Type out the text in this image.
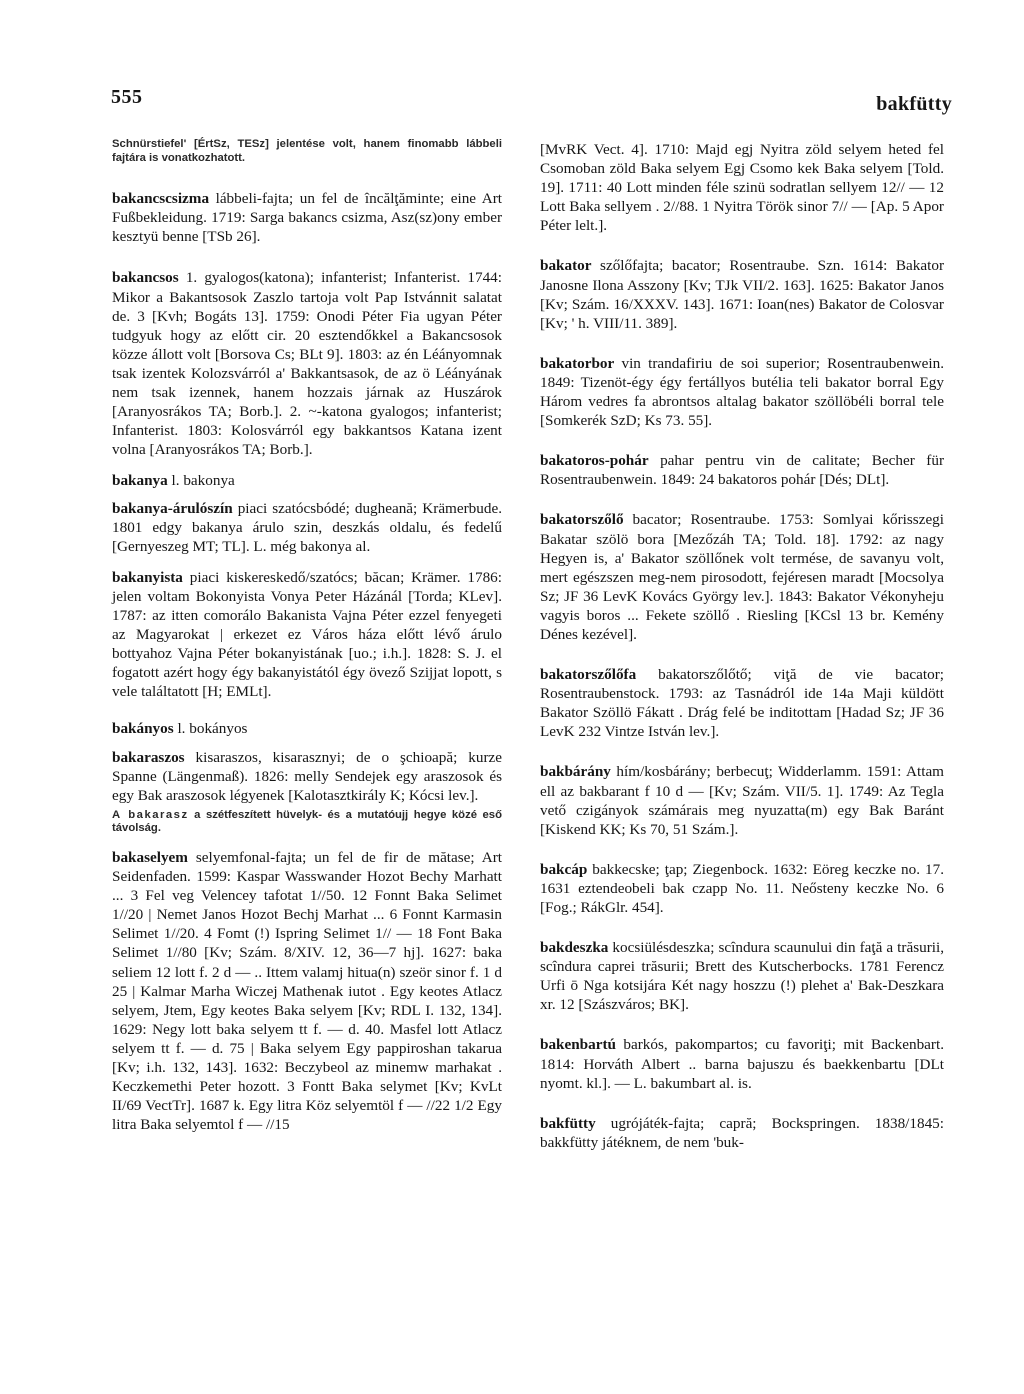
555	bakfütty

Schnürstiefel' [ÉrtSz, TESz] jelentése volt, hanem finomabb lábbeli fajtára is vonatkozhatott.

bakancscsizma lábbeli-fajta; un fel de încălţăminte; eine Art Fußbekleidung. 1719: Sarga bakancs csizma, Asz(sz)ony ember kesztyü benne [TSb 26].

bakancsos 1. gyalogos(katona); infanterist; Infanterist. 1744: Mikor a Bakantsosok Zaszlo tartoja volt Pap Istvánnit salatat de. 3 [Kvh; Bogáts 13]. 1759: Onodi Péter Fia ugyan Péter tudgyuk hogy az előtt cir. 20 esztendőkkel a Bakancsosok közze állott volt [Borsova Cs; BLt 9]. 1803: az én Léányomnak tsak izentek Kolozsvárról a' Bakkantsasok, de az ö Léányának nem tsak izennek, hanem hozzais járnak az Huszárok [Aranyosrákos TA; Borb.]. 2. ~-katona gyalogos; infanterist; Infanterist. 1803: Kolosvárról egy bakkantsos Katana izent volna [Aranyosrákos TA; Borb.].

bakanya l. bakonya

bakanya-árulószín piaci szatócsbódé; dugheană; Krämerbude. 1801 edgy bakanya árulo szin, deszkás oldalu, és fedelű [Gernyeszeg MT; TL]. L. még bakonya al.

bakanyista piaci kiskereskedő/szatócs; băcan; Krämer. 1786: jelen voltam Bokonyista Vonya Peter Házánál [Torda; KLev]. 1787: az itten comorálo Bakanista Vajna Péter ezzel fenyegeti az Magyarokat | erkezet ez Város háza előtt lévő árulo bottyahoz Vajna Péter bokanyistának [uo.; i.h.]. 1828: S. J. el fogatott azért hogy égy bakanyistától égy övező Szijjat lopott, s vele találtatott [H; EMLt].

bakányos l. bokányos

bakaraszos kisaraszos, kisarasznyi; de o şchioapă; kurze Spanne (Längenmaß). 1826: melly Sendejek egy araszosok és egy Bak araszosok légyenek [Kalotasztkirály K; Kócsi lev.].

A bakarasz a szétfeszített hüvelyk- és a mutatóujj hegye közé eső távolság.

bakaselyem selyemfonal-fajta; un fel de fir de mătase; Art Seidenfaden. 1599: Kaspar Wasswander Hozot Bechy Marhatt ... 3 Fel veg Velencey tafotat 1//50. 12 Fonnt Baka Selimet 1//20 | Nemet Janos Hozot Bechj Marhat ... 6 Fonnt Karmasin Selimet 1//20. 4 Fomt (!) Ispring Selimet 1// — 18 Font Baka Selimet 1//80 [Kv; Szám. 8/XIV. 12, 36—7 hj]. 1627: baka seliem 12 lott f. 2 d — .. Ittem valamj hitua(n) szeör sinor f. 1 d 25 | Kalmar Marha Wiczej Mathenak iutot . Egy keotes Atlacz selyem, Jtem, Egy keotes Baka selyem [Kv; RDL I. 132, 134]. 1629: Negy lott baka selyem tt f. — d. 40. Masfel lott Atlacz selyem tt f. — d. 75 | Baka selyem Egy pappiroshan takarua [Kv; i.h. 132, 143]. 1632: Beczybeol az minemw marhakat . Keczkemethi Peter hozott. 3 Fontt Baka selymet [Kv; KvLt II/69 VectTr]. 1687 k. Egy litra Köz selyemtöl f — //22 1/2 Egy litra Baka selyemtol f — //15

[MvRK Vect. 4]. 1710: Majd egj Nyitra zöld selyem heted fel Csomoban zöld Baka selyem Egj Csomo kek Baka selyem [Told. 19]. 1711: 40 Lott minden féle szinü sodratlan sellyem 12// — 12 Lott Baka sellyem . 2//88. 1 Nyitra Török sinor 7// — [Ap. 5 Apor Péter lelt.].

bakator szőlőfajta; bacator; Rosentraube. Szn. 1614: Bakator Janosne Ilona Asszony [Kv; TJk VII/2. 163]. 1625: Bakator Janos [Kv; Szám. 16/XXXV. 143]. 1671: Ioan(nes) Bakator de Colosvar [Kv; ' h. VIII/11. 389].

bakatorbor vin trandafiriu de soi superior; Rosentraubenwein. 1849: Tizenöt-égy égy fertállyos butélia teli bakator borral Egy Három vedres fa abrontsos altalag bakator szöllöbéli borral tele [Somkerék SzD; Ks 73. 55].

bakatoros-pohár pahar pentru vin de calitate; Becher für Rosentraubenwein. 1849: 24 bakatoros pohár [Dés; DLt].

bakatorszőlő bacator; Rosentraube. 1753: Somlyai kőrisszegi Bakatar szölö bora [Mezőzáh TA; Told. 18]. 1792: az nagy Hegyen is, a' Bakator szöllőnek volt termése, de savanyu volt, mert egészszen meg-nem pirosodott, fejéresen maradt [Mocsolya Sz; JF 36 LevK Kovács György lev.]. 1843: Bakator Vékonyheju vagyis boros ... Fekete szöllő . Riesling [KCsl 13 br. Kemény Dénes kezével].

bakatorszőlőfa bakatorszőlőtő; viţă de vie bacator; Rosentraubenstock. 1793: az Tasnádról ide 14a Maji küldött Bakator Szöllö Fákatt . Drág felé be inditottam [Hadad Sz; JF 36 LevK 232 Vintze István lev.].

bakbárány hím/kosbárány; berbecuţ; Widderlamm. 1591: Attam ell az bakbarant f 10 d — [Kv; Szám. VII/5. 1]. 1749: Az Tegla vető czigányok számárais meg nyuzatta(m) egy Bak Baránt [Kiskend KK; Ks 70, 51 Szám.].

bakcáp bakkecske; ţap; Ziegenbock. 1632: Eöreg keczke no. 17. 1631 eztendeobeli bak czapp No. 11. Neősteny keczke No. 6 [Fog.; RákGlr. 454].

bakdeszka kocsiülésdeszka; scîndura scaunului din faţă a trăsurii, scîndura caprei trăsurii; Brett des Kutscherbocks. 1781 Ferencz Urfi ō Nga kotsijára Két nagy hoszzu (!) plehet a' Bak-Deszkara xr. 12 [Szászváros; BK].

bakenbartú barkós, pakompartos; cu favoriţi; mit Backenbart. 1814: Horváth Albert .. barna bajuszu és baekkenbartu [DLt nyomt. kl.]. — L. bakumbart al. is.

bakfütty ugrójáték-fajta; capră; Bockspringen. 1838/1845: bakkfütty játéknem, de nem 'buk-
